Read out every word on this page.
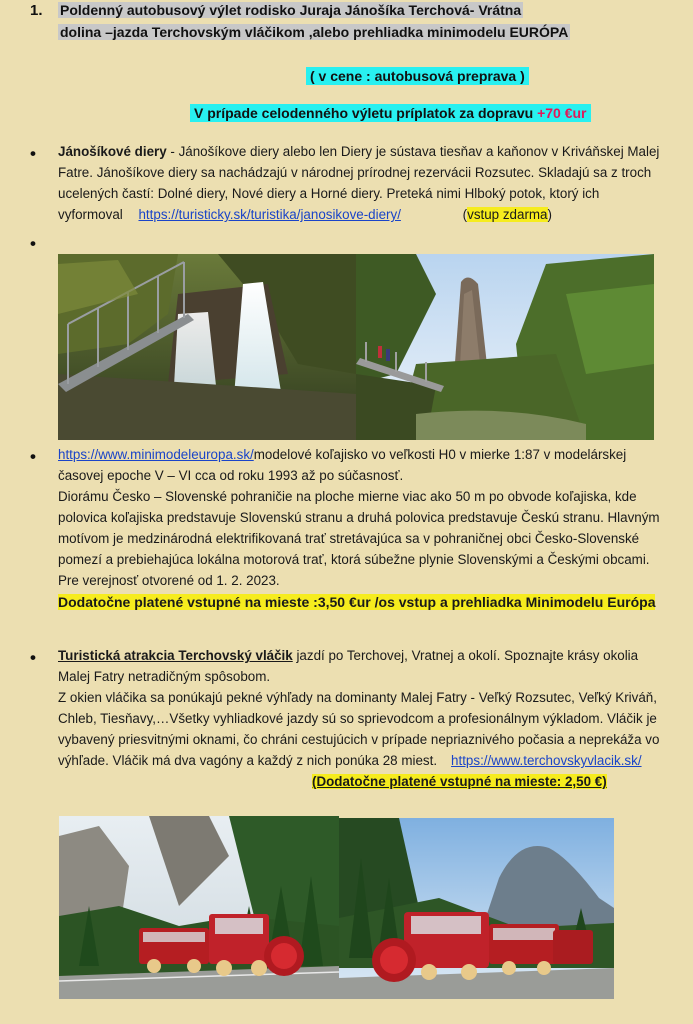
1. Poldenný autobusový výlet rodisko Juraja Jánošíka Terchová- Vrátna
dolina –jazda Terchovským vláčikom ,alebo prehliadka minimodelu EURÓPA
( v cene : autobusová preprava )
V prípade celodenného výletu príplatok za dopravu +70 €ur
• Jánošíkové diery - Jánošíkove diery alebo len Diery je sústava tiesňav a kaňonov v Kriváňskej Malej
Fatre. Jánošíkove diery sa nachádzajú v národnej prírodnej rezervácii Rozsutec. Skladajú sa z troch
ucelených častí: Dolné diery, Nové diery a Horné diery. Preteká nimi Hlboký potok, ktorý ich
vyformoval https://turisticky.sk/turistika/janosikove-diery/	(vstup zdarma)
•
• https://www.minimodeleuropa.sk/modelové koľajisko vo veľkosti H0 v mierke 1:87 v modelárskej
časovej epoche V – VI cca od roku 1993 až po súčasnosť.
Diorámu Česko – Slovenské pohraničie na ploche mierne viac ako 50 m po obvode koľajiska, kde
polovica koľajiska predstavuje Slovenskú stranu a druhá polovica predstavuje Českú stranu. Hlavným
motívom je medzinárodná elektrifikovaná trať stretávajúca sa v pohraničnej obci Česko-Slovenské
pomezí a prebiehajúca lokálna motorová trať, ktorá súbežne plynie Slovenskými a Českými obcami.
Pre verejnosť otvorené od 1. 2. 2023.
Dodatočne platené vstupné na mieste :3,50 €ur /os vstup a prehliadka Minimodelu Európa
• Turistická atrakcia Terchovský vláčik jazdí po Terchovej, Vratnej a okolí. Spoznajte krásy okolia
Malej Fatry netradičným spôsobom.
Z okien vláčika sa ponúkajú pekné výhľady na dominanty Malej Fatry - Veľký Rozsutec, Veľký Kriváň,
Chleb, Tiesňavy,…Všetky vyhliadkové jazdy sú so sprievodcom a profesionálnym výkladom. Vláčik je
vybavený priesvitnými oknami, čo chráni cestujúcich v prípade nepriaznivého počasia a neprekáža vo
výhľade. Vláčik má dva vagóny a každý z nich ponúka 28 miest. https://www.terchovskyvlacik.sk/
(Dodatočne platené vstupné na mieste: 2,50 €)
